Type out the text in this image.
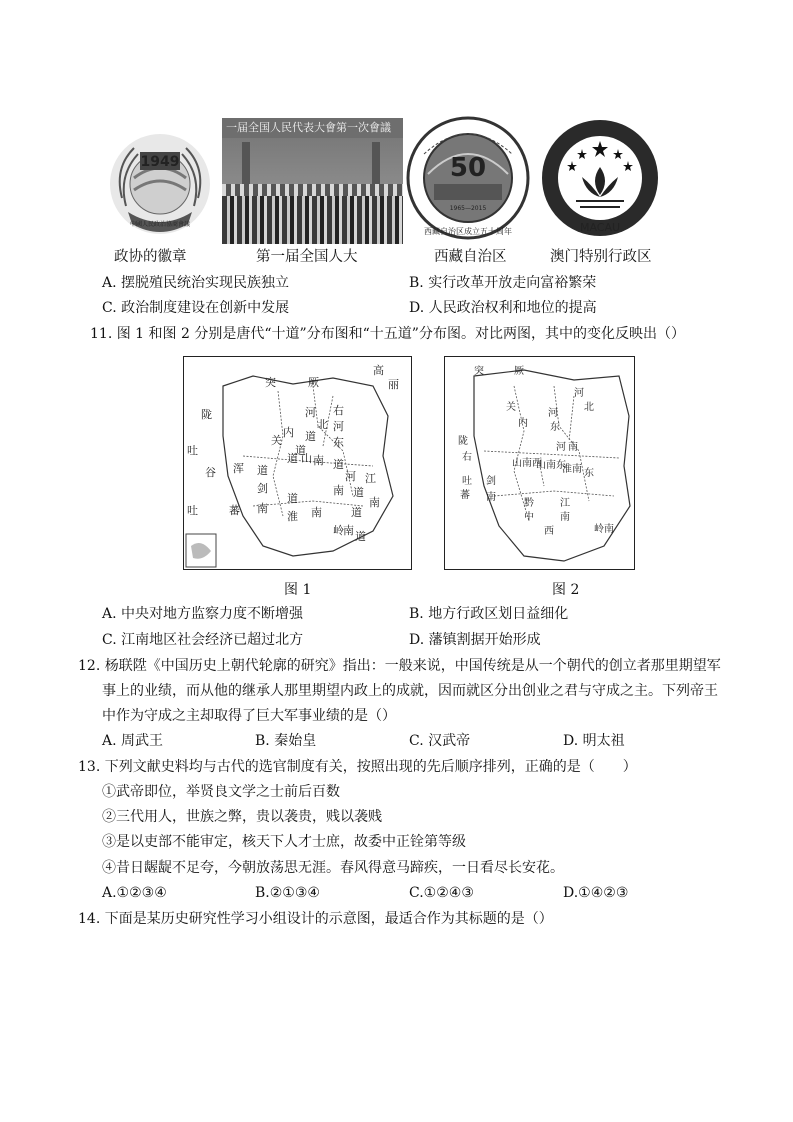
1949
中國人民政治協商會議
一届全国人民代表大會第一次會議
50
1965—2015
西藏自治区成立五十周年	MACAU
政协的徽章	第一届全国人大	西藏自治区	澳门特别行政区
A. 摆脱殖民统治实现民族独立	B. 实行改革开放走向富裕繁荣
C. 政治制度建设在创新中发展	D. 人民政治权利和地位的提高
11. 图 1 和图 2 分别是唐代“十道”分布图和“十五道”分布图。对比两图，其中的变化反映出（）
突	厥
高
丽
陇
吐
谷 浑
吐	蕃
河
北
道
关
内
道
右
河
东
道
河
南
道 山 南
道
剑
南
道
淮 南
道
江
南
道
岭 南 道
突	厥
河
北
关
内
河
东
陇
右
吐
蕃
河 南
山南西
山南东
淮南
剑
南
黔
中
江
南
西
东
岭 南
图 1	图 2
A. 中央对地方监察力度不断增强	B. 地方行政区划日益细化
C. 江南地区社会经济已超过北方	D. 藩镇割据开始形成
12. 杨联陞《中国历史上朝代轮廓的研究》指出：一般来说，中国传统是从一个朝代的创立者那里期望军
事上的业绩，而从他的继承人那里期望内政上的成就，因而就区分出创业之君与守成之主。下列帝王
中作为守成之主却取得了巨大军事业绩的是（）
A. 周武王	B. 秦始皇	C. 汉武帝	D. 明太祖
13. 下列文献史料均与古代的选官制度有关，按照出现的先后顺序排列，正确的是（　　）
①武帝即位，举贤良文学之士前后百数
②三代用人，世族之弊，贵以袭贵，贱以袭贱
③是以吏部不能审定，核天下人才士庶，故委中正铨第等级
④昔日龌龊不足夸，今朝放荡思无涯。春风得意马蹄疾，一日看尽长安花。
A.①②③④	B.②①③④	C.①②④③	D.①④②③
14. 下面是某历史研究性学习小组设计的示意图，最适合作为其标题的是（）
